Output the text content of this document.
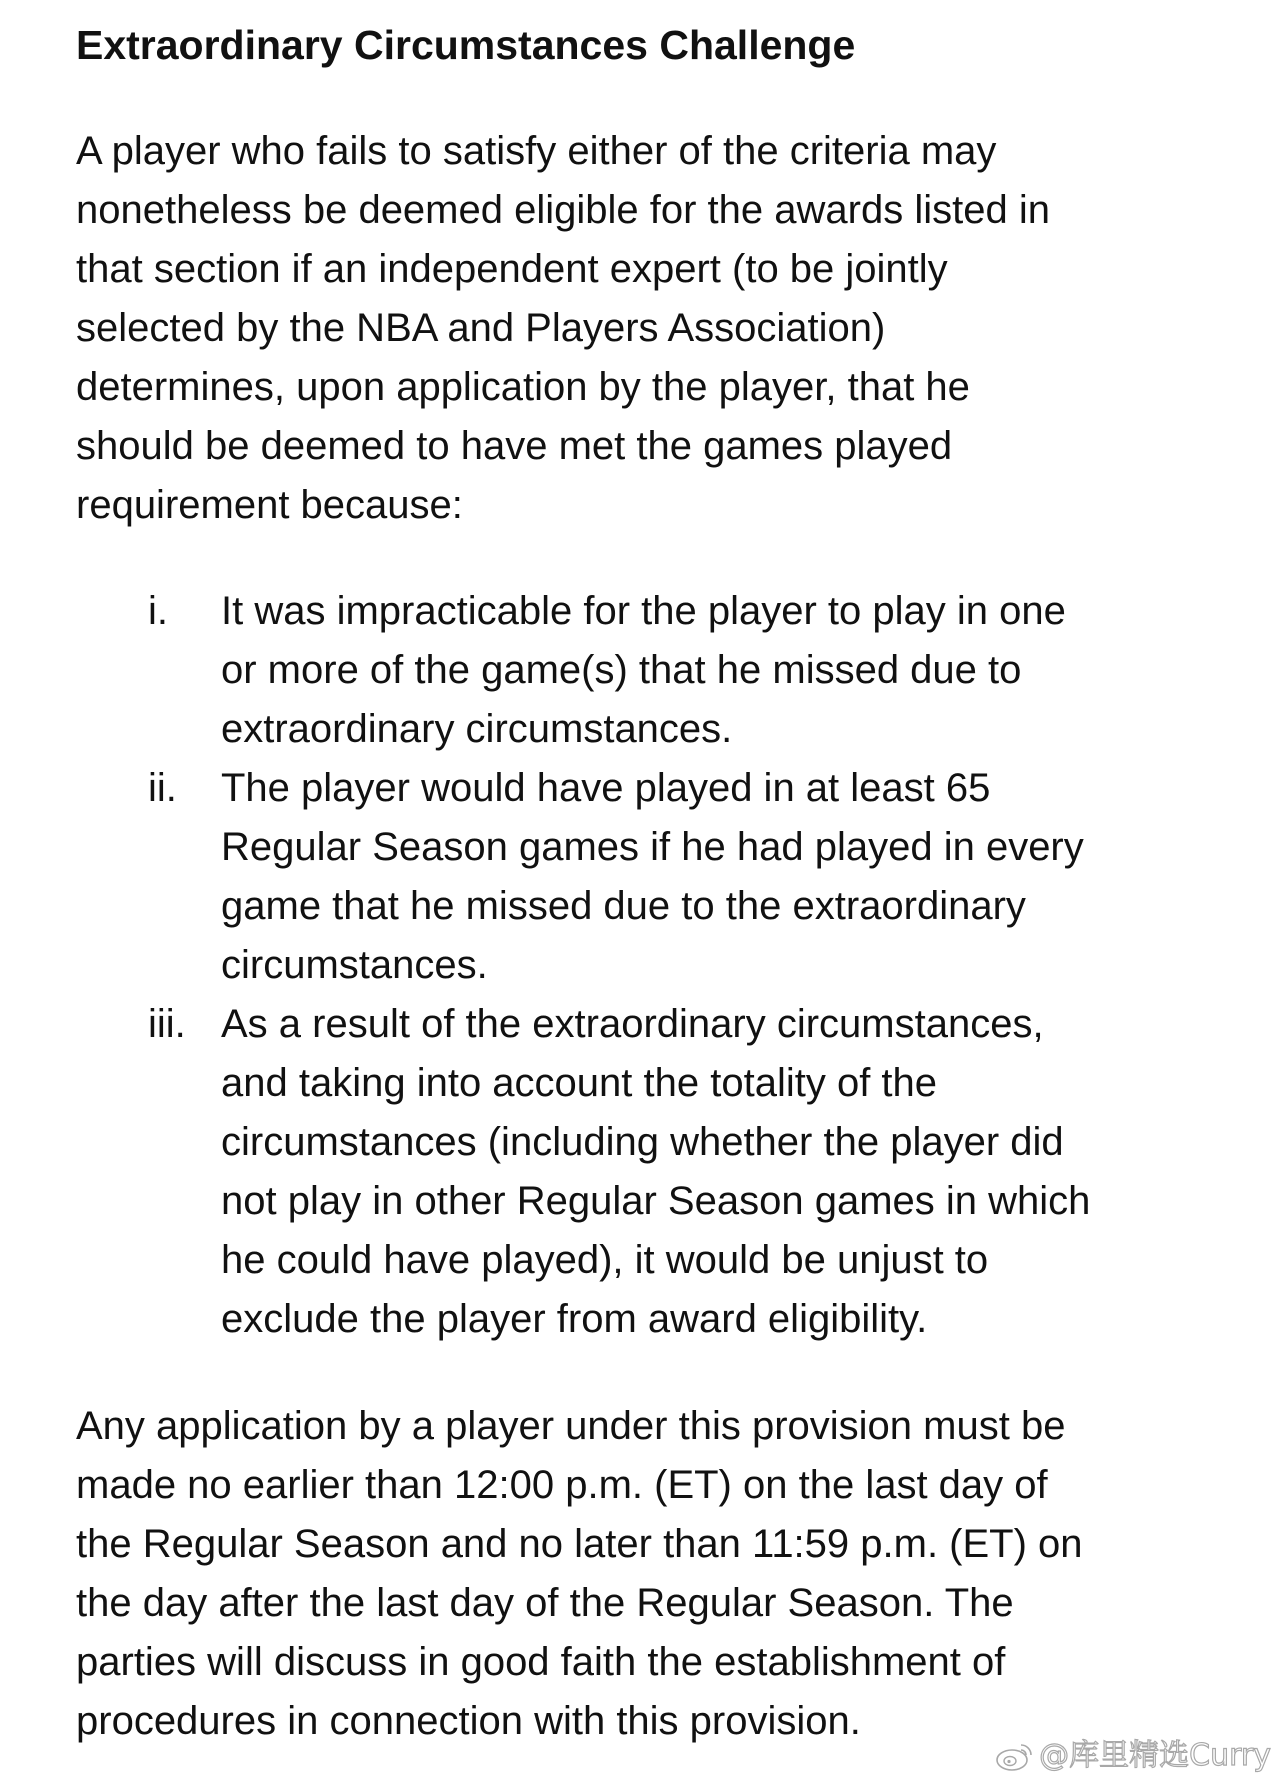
Extraordinary Circumstances Challenge

A player who fails to satisfy either of the criteria may
nonetheless be deemed eligible for the awards listed in
that section if an independent expert (to be jointly
selected by the NBA and Players Association)
determines, upon application by the player, that he
should be deemed to have met the games played
requirement because:

i. It was impracticable for the player to play in one
or more of the game(s) that he missed due to
extraordinary circumstances.
ii. The player would have played in at least 65
Regular Season games if he had played in every
game that he missed due to the extraordinary
circumstances.
iii. As a result of the extraordinary circumstances,
and taking into account the totality of the
circumstances (including whether the player did
not play in other Regular Season games in which
he could have played), it would be unjust to
exclude the player from award eligibility.

Any application by a player under this provision must be
made no earlier than 12:00 p.m. (ET) on the last day of
the Regular Season and no later than 11:59 p.m. (ET) on
the day after the last day of the Regular Season. The
parties will discuss in good faith the establishment of
procedures in connection with this provision.

@库里精选Curry
